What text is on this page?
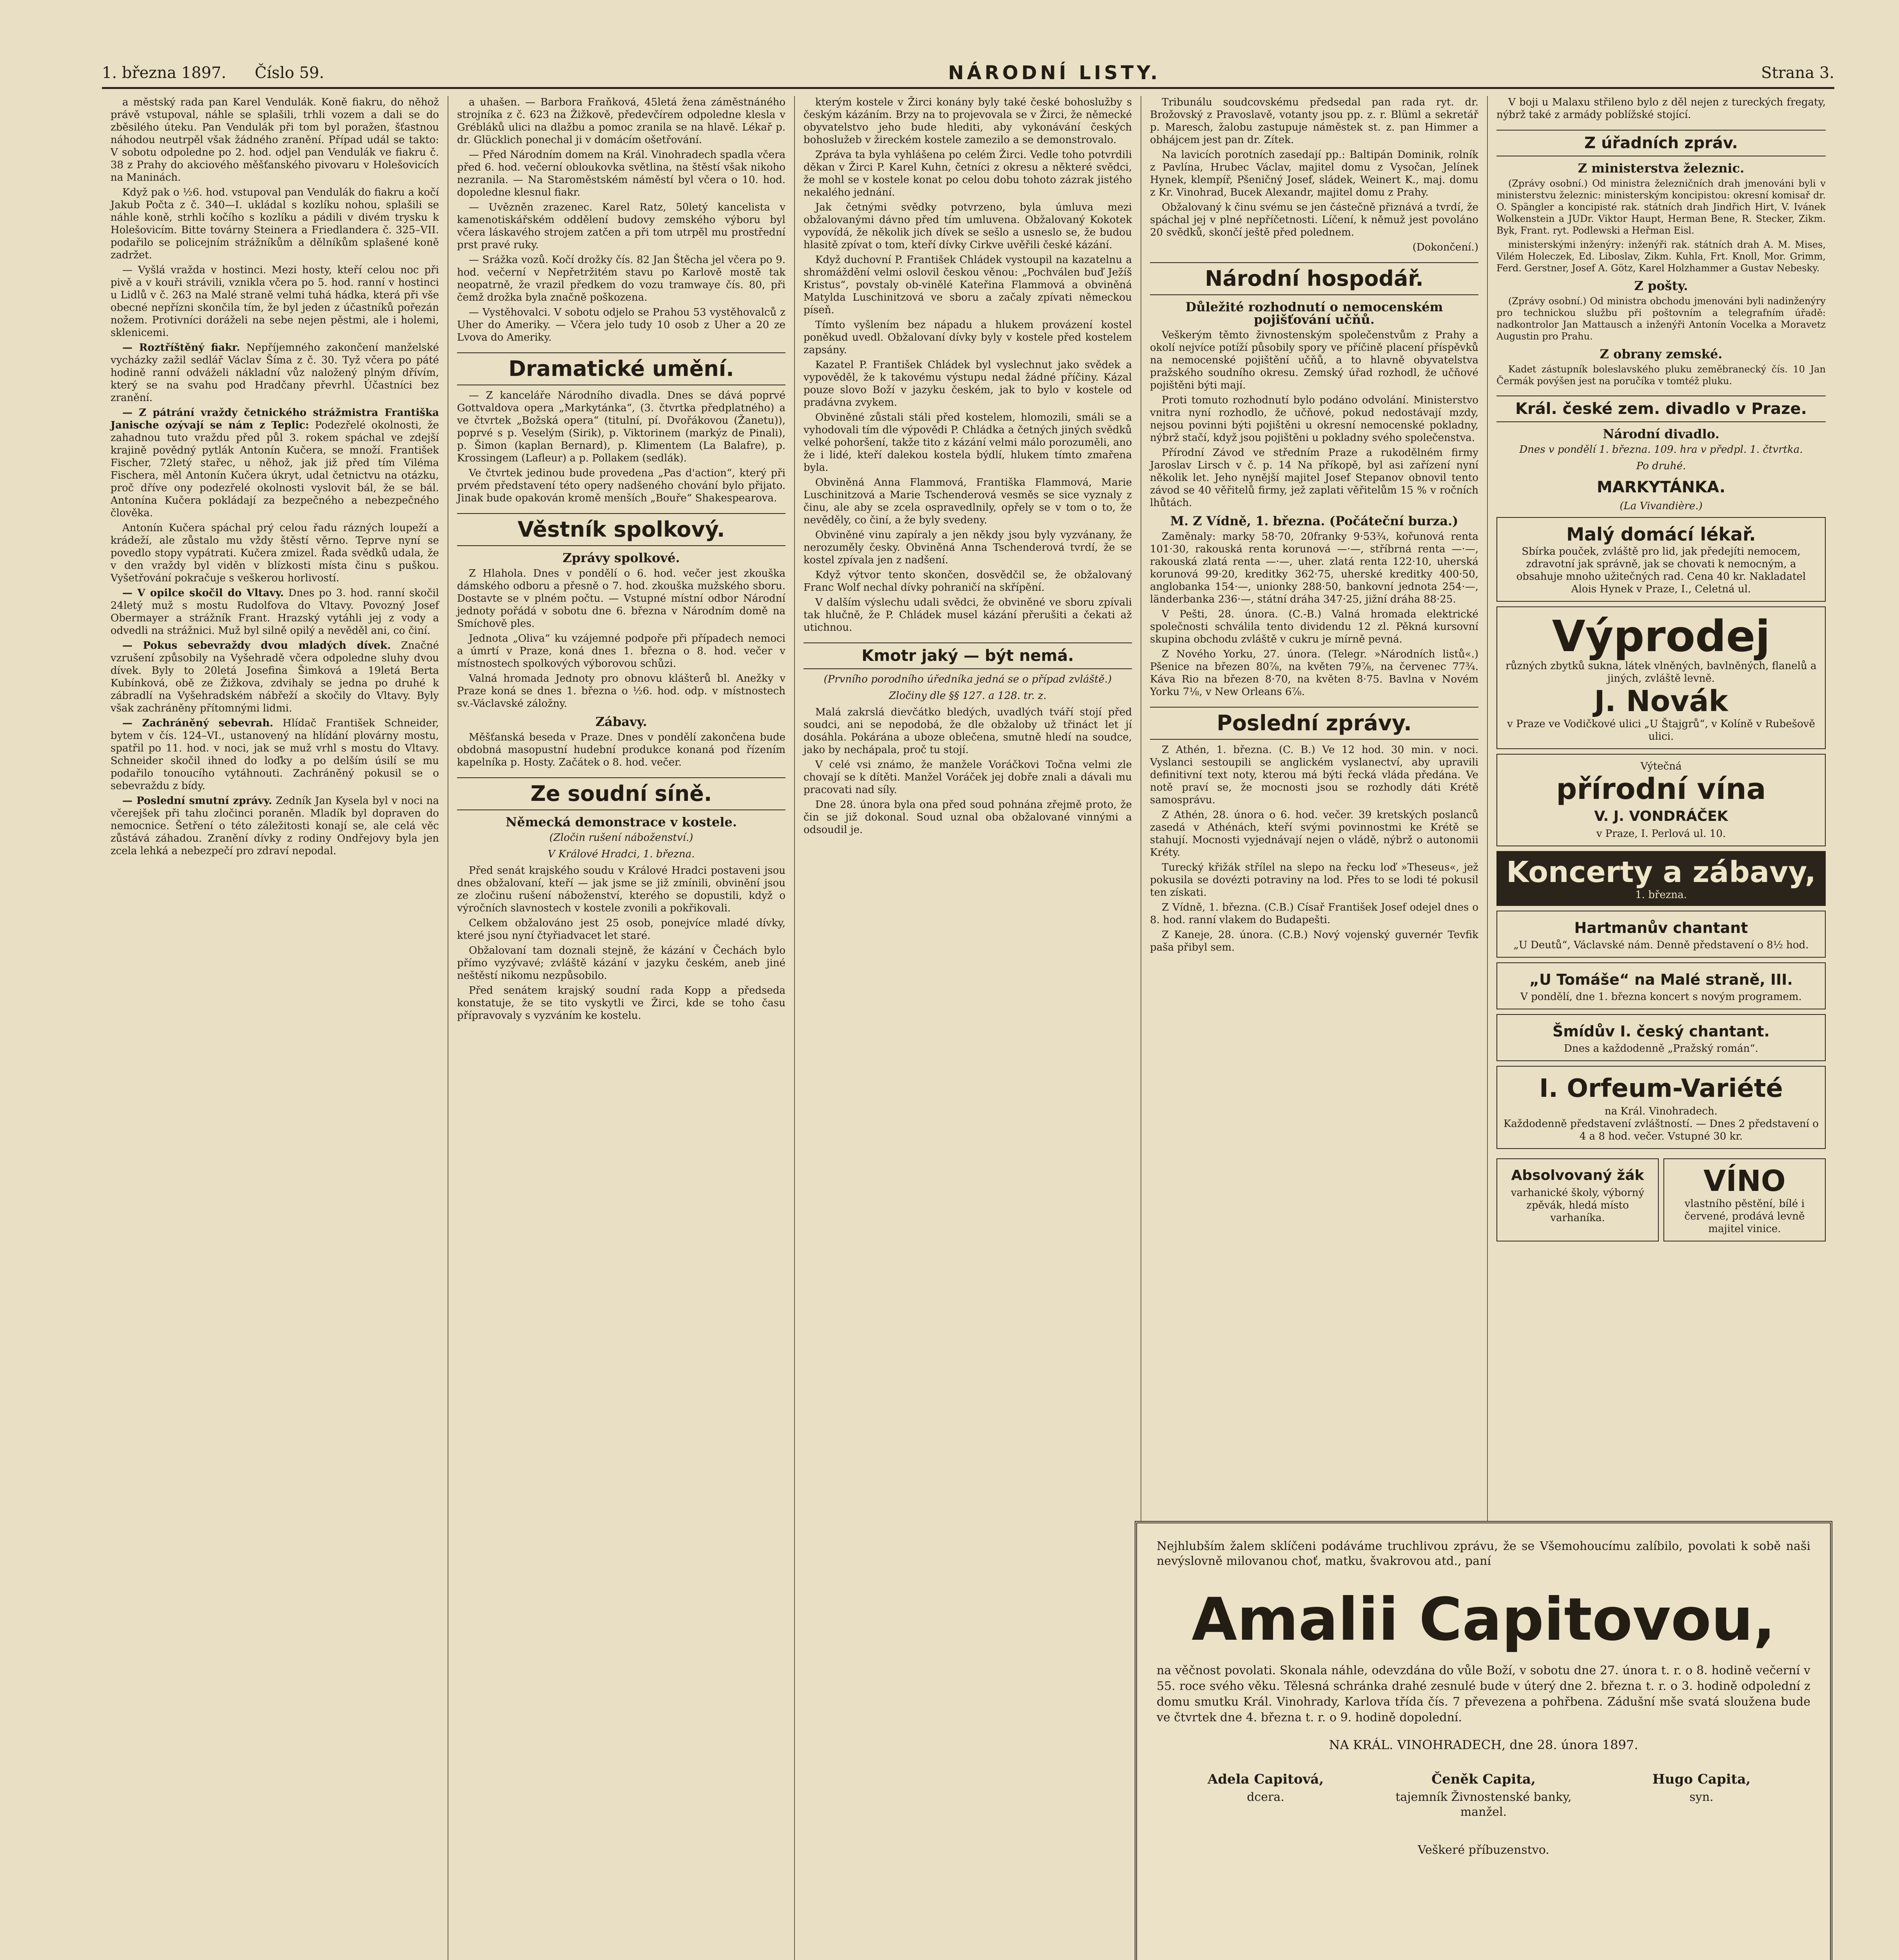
1. března 1897. Číslo 59.	NÁRODNÍ LISTY.	Strana 3.

a městský rada pan Karel Vendulák. Koně fiakru, do něhož právě vstupoval, náhle se splašili, trhli vozem a dali se do zběsilého úteku. Pan Vendulák při tom byl poražen, šťastnou náhodou neutrpěl však žádného zranění. Případ udál se takto: V sobotu odpoledne po 2. hod. odjel pan Vendulák ve fiakru č. 38 z Prahy do akciového měšťanského pivovaru v Holešovicích na Maninách.

Když pak o ½6. hod. vstupoval pan Vendulák do fiakru a kočí Jakub Počta z č. 340—I. ukládal s kozlíku nohou, splašili se náhle koně, strhli kočího s kozlíku a pádili v divém trysku k Holešovicím. Bitte továrny Steinera a Friedlandera č. 325–VII. podařilo se policejním strážníkům a dělníkům splašené koně zadržet.

— Vyšlá vražda v hostinci. Mezi hosty, kteří celou noc při pivě a v kouři strávili, vznikla včera po 5. hod. ranní v hostinci u Lidlů v č. 263 na Malé straně velmi tuhá hádka, která při vše obecné nepřízni skončila tím, že byl jeden z účastníků pořezán nožem. Protivníci doráželi na sebe nejen pěstmi, ale i holemi, sklenicemi.

— Roztříštěný fiakr. Nepříjemného zakončení manželské vycházky zažil sedlář Václav Šíma z č. 30. Tyž včera po páté hodině ranní odváželi nákladní vůz naložený plným dřívím, který se na svahu pod Hradčany převrhl. Účastníci bez zranění.

— Z pátrání vraždy četnického strážmistra Františka Janische ozývají se nám z Teplic: Podezřelé okolnosti, že zahadnou tuto vraždu před půl 3. rokem spáchal ve zdejší krajině povědný pytlák Antonín Kučera, se množí. František Fischer, 72letý stařec, u něhož, jak již před tím Viléma Fischera, měl Antonín Kučera úkryt, udal četnictvu na otázku, proč dříve ony podezřelé okolnosti vyslovit bál, že se bál. Antonína Kučera pokládají za bezpečného a nebezpečného člověka.

Antonín Kučera spáchal prý celou řadu rázných loupeží a krádeží, ale zůstalo mu vždy štěstí věrno. Teprve nyní se povedlo stopy vypátrati. Kučera zmizel. Řada svědků udala, že v den vraždy byl viděn v blízkosti místa činu s puškou. Vyšetřování pokračuje s veškerou horlivostí.

— V opilce skočil do Vltavy. Dnes po 3. hod. ranní skočil 24letý muž s mostu Rudolfova do Vltavy. Povozný Josef Obermayer a strážník Frant. Hrazský vytáhli jej z vody a odvedli na strážnici. Muž byl silně opilý a nevěděl ani, co činí.

— Pokus sebevraždy dvou mladých dívek. Značné vzrušení způsobily na Vyšehradě včera odpoledne sluhy dvou dívek. Byly to 20letá Josefina Šimková a 19letá Berta Kubínková, obě ze Žižkova, zdvihaly se jedna po druhé k zábradlí na Vyšehradském nábřeží a skočily do Vltavy. Byly však zachráněny přítomnými lidmi.

— Zachráněný sebevrah. Hlídač František Schneider, bytem v čís. 124–VI., ustanovený na hlídání plovárny mostu, spatřil po 11. hod. v noci, jak se muž vrhl s mostu do Vltavy. Schneider skočil ihned do loďky a po delším úsilí se mu podařilo tonoucího vytáhnouti. Zachráněný pokusil se o sebevraždu z bídy.

— Poslední smutní zprávy. Zedník Jan Kysela byl v noci na včerejšek při tahu zločinci poraněn. Mladík byl dopraven do nemocnice. Šetření o této záležitosti konají se, ale celá věc zůstává záhadou. Zranění dívky z rodiny Ondřejovy byla jen zcela lehká a nebezpečí pro zdraví nepodal.

a uhašen. — Barbora Fraňková, 45letá žena záměstnáného strojníka z č. 623 na Žižkově, předevčírem odpoledne klesla v Grébláků ulici na dlažbu a pomoc zranila se na hlavě. Lékař p. dr. Glücklich ponechal ji v domácím ošetřování.

— Před Národním domem na Král. Vinohradech spadla včera před 6. hod. večerní obloukovka světlina, na štěstí však nikoho nezranila. — Na Staroměstském náměstí byl včera o 10. hod. dopoledne klesnul fiakr.

— Uvězněn zrazenec. Karel Ratz, 50letý kancelista v kamenotiskářském oddělení budovy zemského výboru byl včera láskavého strojem zatčen a při tom utrpěl mu prostřední prst pravé ruky.

— Srážka vozů. Kočí drožky čís. 82 Jan Štěcha jel včera po 9. hod. večerní v Nepřetržitém stavu po Karlově mostě tak neopatrně, že vrazil předkem do vozu tramwaye čís. 80, při čemž drožka byla značně poškozena.

— Vystěhovalci. V sobotu odjelo se Prahou 53 vystěhovalců z Uher do Ameriky. — Včera jelo tudy 10 osob z Uher a 20 ze Lvova do Ameriky.

Dramatické umění.

— Z kanceláře Národního divadla. Dnes se dává poprvé Gottvaldova opera „Markytánka“, (3. čtvrtka předplatného) a ve čtvrtek „Božská opera“ (titulní, pí. Dvořákovou (Žanetu)), poprvé s p. Veselým (Sirik), p. Viktorinem (markýz de Pinali), p. Šimon (kaplan Bernard), p. Klimentem (La Balafre), p. Krossingem (Lafleur) a p. Pollakem (sedlák).

Ve čtvrtek jedinou bude provedena „Pas d'action“, který při prvém představení této opery nadšeného chování bylo přijato. Jinak bude opakován kromě menších „Bouře“ Shakespearova.

Věstník spolkový.
Zprávy spolkové.

Z Hlahola. Dnes v pondělí o 6. hod. večer jest zkouška dámského odboru a přesně o 7. hod. zkouška mužského sboru. Dostavte se v plném počtu. — Vstupné místní odbor Národní jednoty pořádá v sobotu dne 6. března v Národním domě na Smíchově ples.

Jednota „Oliva“ ku vzájemné podpoře při případech nemoci a úmrtí v Praze, koná dnes 1. března o 8. hod. večer v místnostech spolkových výborovou schůzi.

Valná hromada Jednoty pro obnovu klášterů bl. Anežky v Praze koná se dnes 1. března o ½6. hod. odp. v místnostech sv.-Václavské záložny.

Zábavy.

Měšťanská beseda v Praze. Dnes v pondělí zakončena bude obdobná masopustní hudební produkce konaná pod řízením kapelníka p. Hosty. Začátek o 8. hod. večer.

Ze soudní síně.
Německá demonstrace v kostele.
(Zločin rušení náboženství.)
V Králové Hradci, 1. března.

Před senát krajského soudu v Králové Hradci postaveni jsou dnes obžalovaní, kteří — jak jsme se již zmínili, obvinění jsou ze zločinu rušení náboženství, kterého se dopustili, když o výročních slavnostech v kostele zvonili a pokřikovali.

Celkem obžalováno jest 25 osob, ponejvíce mladé dívky, které jsou nyní čtyřiadvacet let staré.

Obžalovaní tam doznali stejně, že kázání v Čechách bylo přímo vyzývavé; zvláště kázání v jazyku českém, aneb jiné neštěstí nikomu nezpůsobilo.

Před senátem krajský soudní rada Kopp a předseda konstatuje, že se tito vyskytli ve Žirci, kde se toho času přípravovaly s vyzváním ke kostelu.

kterým kostele v Žirci konány byly také české bohoslužby s českým kázáním. Brzy na to projevovala se v Žirci, že německé obyvatelstvo jeho bude hlediti, aby vykonávání českých bohoslužeb v žireckém kostele zamezilo a se demonstrovalo.

Zpráva ta byla vyhlášena po celém Žirci. Vedle toho potvrdili děkan v Žirci P. Karel Kuhn, četníci z okresu a některé svědci, že mohl se v kostele konat po celou dobu tohoto zázrak jistého nekalého jednání.

Jak četnými svědky potvrzeno, byla úmluva mezi obžalovanými dávno před tím umluvena. Obžalovaný Kokotek vypovídá, že několik jich dívek se sešlo a usneslo se, že budou hlasitě zpívat o tom, kteří dívky Cirkve uvěřili české kázání.

Když duchovní P. František Chládek vystoupil na kazatelnu a shromáždění velmi oslovil českou věnou: „Pochválen buď Ježíš Kristus“, povstaly ob-vinělé Kateřina Flammová a obviněná Matylda Luschinitzová ve sboru a začaly zpívati německou píseň.

Tímto vyšlením bez nápadu a hlukem provázení kostel poněkud uvedl. Obžalovaní dívky byly v kostele před kostelem zapsány.

Kazatel P. František Chládek byl vyslechnut jako svědek a vypověděl, že k takovému výstupu nedal žádné příčiny. Kázal pouze slovo Boží v jazyku českém, jak to bylo v kostele od pradávna zvykem.

Obviněné zůstali stáli před kostelem, hlomozili, smáli se a vyhodovali tím dle výpovědi P. Chládka a četných jiných svědků velké pohoršení, takže tito z kázání velmi málo porozuměli, ano že i lidé, kteří dalekou kostela býdlí, hlukem tímto zmařena byla.

Obviněná Anna Flammová, Františka Flammová, Marie Luschinitzová a Marie Tschenderová vesměs se sice vyznaly z činu, ale aby se zcela ospravedlnily, opřely se v tom o to, že nevěděly, co činí, a že byly svedeny.

Obviněné vinu zapíraly a jen někdy jsou byly vyzvánany, že nerozuměly česky. Obviněná Anna Tschenderová tvrdí, že se kostel zpívala jen z nadšení.

Když výtvor tento skončen, dosvědčil se, že obžalovaný Franc Wolf nechal dívky pohraničí na skřípění.

V dalším výslechu udali svědci, že obviněné ve sboru zpívali tak hlučně, že P. Chládek musel kázání přerušiti a čekati až utichnou.

Kmotr jaký — být nemá.
(Prvního porodního úředníka jedná se o případ zvláště.)
Zločiny dle §§ 127. a 128. tr. z.

Malá zakrslá dievčátko bledých, uvadlých tváří stojí před soudci, ani se nepodobá, že dle obžaloby už třináct let jí dosáhla. Pokárána a uboze oblečena, smutně hledí na soudce, jako by nechápala, proč tu stojí.

V celé vsi známo, že manžele Voráčkovi Točna velmi zle chovají se k dítěti. Manžel Voráček jej dobře znali a dávali mu pracovati nad síly.

Dne 28. února byla ona před soud pohnána zřejmě proto, že čin se již dokonal. Soud uznal oba obžalované vinnými a odsoudil je.

Tribunálu soudcovskému předsedal pan rada ryt. dr. Brožovský z Pravoslavě, votanty jsou pp. z. r. Blüml a sekretář p. Maresch, žalobu zastupuje náměstek st. z. pan Himmer a obhájcem jest pan dr. Zítek.

Na lavicích porotních zasedají pp.: Baltipán Dominik, rolník z Pavlína, Hrubec Václav, majitel domu z Vysočan, Jelínek Hynek, klempíř, Pšeničný Josef, sládek, Weinert K., maj. domu z Kr. Vinohrad, Bucek Alexandr, majitel domu z Prahy.

Obžalovaný k činu svému se jen částečně přiznává a tvrdí, že spáchal jej v plné nepříčetnosti. Líčení, k němuž jest povoláno 20 svědků, skončí ještě před polednem.

(Dokončení.)

Národní hospodář.
Důležité rozhodnutí o nemocenském pojišťování učňů.

Veškerým těmto živnostenským společenstvům z Prahy a okolí nejvíce potíží působily spory ve příčině placení příspěvků na nemocenské pojištění učňů, a to hlavně obyvatelstva pražského soudního okresu. Zemský úřad rozhodl, že učňové pojištěni býti mají.

Proti tomuto rozhodnutí bylo podáno odvolání. Ministerstvo vnitra nyní rozhodlo, že učňové, pokud nedostávají mzdy, nejsou povinni býti pojištěni u okresní nemocenské pokladny, nýbrž stačí, když jsou pojištěni u pokladny svého společenstva.

Přírodní Závod ve středním Praze a rukodělném firmy Jaroslav Lirsch v č. p. 14 Na příkopě, byl asi zařízení nyní několik let. Jeho nynější majitel Josef Stepanov obnovil tento závod se 40 věřitelů firmy, jež zaplati věřitelům 15 % v ročních lhůtách.

M. Z Vídně, 1. března. (Počáteční burza.)

Zaměnaly: marky 58·70, 20franky 9·53¾, kořunová renta 101·30, rakouská renta korunová —·—, stříbrná renta —·—, rakouská zlatá renta —·—, uher. zlatá renta 122·10, uherská korunová 99·20, kreditky 362·75, uherské kreditky 400·50, anglobanka 154·—, unionky 288·50, bankovní jednota 254·—, länderbanka 236·—, státní dráha 347·25, jižní dráha 88·25.

V Pešti, 28. února. (C.-B.) Valná hromada elektrické společnosti schválila tento dividendu 12 zl. Pěkná kursovní skupina obchodu zvláště v cukru je mírně pevná.

Z Nového Yorku, 27. února. (Telegr. »Národních listů«.) Pšenice na březen 80⅞, na květen 79⅞, na červenec 77¾. Káva Rio na březen 8·70, na květen 8·75. Bavlna v Novém Yorku 7⅛, v New Orleans 6⅞.

Poslední zprávy.

Z Athén, 1. března. (C. B.) Ve 12 hod. 30 min. v noci. Vyslanci sestoupili se anglickém vyslanectví, aby upravili definitivní text noty, kterou má býti řecká vláda předána. Ve notě praví se, že mocnosti jsou se rozhodly dáti Krétě samosprávu.

Z Athén, 28. února o 6. hod. večer. 39 kretských poslanců zasedá v Athénách, kteří svými povinnostmi ke Krétě se stahují. Mocnosti vyjednávají nejen o vládě, nýbrž o autonomii Kréty.

Turecký křižák střílel na slepo na řecku loď »Theseus«, jež pokusila se dovézti potraviny na lod. Přes to se lodi té pokusil ten získati.

Z Vídně, 1. března. (C.B.) Císař František Josef odejel dnes o 8. hod. ranní vlakem do Budapešti.

Z Kaneje, 28. února. (C.B.) Nový vojenský guvernér Tevfik paša přibyl sem.

V boji u Malaxu střileno bylo z děl nejen z tureckých fregaty, nýbrž také z armády poblížské stojící.

Z úřadních zpráv.
Z ministerstva železnic.

(Zprávy osobní.) Od ministra železničních drah jmenováni byli v ministerstvu železnic: ministerským koncipistou: okresní komisař dr. O. Spängler a koncipisté rak. státních drah Jindřich Hirt, V. Ivánek Wolkenstein a JUDr. Viktor Haupt, Herman Bene, R. Stecker, Zikm. Byk, Frant. ryt. Podlewski a Heřman Eisl.

ministerskými inženýry: inženýři rak. státních drah A. M. Mises, Vilém Holeczek, Ed. Liboslav, Zikm. Kuhla, Frt. Knoll, Mor. Grimm, Ferd. Gerstner, Josef A. Götz, Karel Holzhammer a Gustav Nebesky.

Z pošty.

(Zprávy osobní.) Od ministra obchodu jmenováni byli nadinženýry pro technickou službu při poštovním a telegrafním úřadě: nadkontrolor Jan Mattausch a inženýři Antonín Vocelka a Moravetz Augustin pro Prahu.

Z obrany zemské.

Kadet zástupník boleslavského pluku zeměbranecký čís. 10 Jan Čermák povýšen jest na poručíka v tomtéž pluku.

Král. české zem. divadlo v Praze.
Národní divadlo.
Dnes v pondělí 1. března. 109. hra v předpl. 1. čtvrtka.
Po druhé.
MARKYTÁNKA.
(La Vivandière.)
Malý domácí lékař.
Sbírka pouček, zvláště pro lid, jak předejíti nemocem, zdravotní jak správně, jak se chovati k nemocným, a obsahuje mnoho užitečných rad. Cena 40 kr. Nakladatel Alois Hynek v Praze, I., Celetná ul.
Výprodej
různých zbytků sukna, látek vlněných, bavlněných, flanelů a jiných, zvláště levně.
J. Novák
v Praze ve Vodičkové ulici „U Štajgrů“, v Kolíně v Rubešově ulici.
Výtečná
přírodní vína
V. J. VONDRÁČEK
v Praze, I. Perlová ul. 10.
Koncerty a zábavy,
1. března.
Hartmanův chantant
„U Deutů“, Václavské nám. Denně představení o 8½ hod.
„U Tomáše“ na Malé straně, III.
V pondělí, dne 1. března koncert s novým programem.
Šmídův I. český chantant.
Dnes a každodenně „Pražský román“.
I. Orfeum-Variété
na Král. Vinohradech.
Každodenně představení zvláštností. — Dnes 2 představení o 4 a 8 hod. večer. Vstupné 30 kr.
Absolvovaný žák
varhanické školy, výborný zpěvák, hledá místo varhaníka.
VÍNO
vlastního pěstění, bílé i červené, prodává levně majitel vinice.
Nejhlubším žalem sklíčeni podáváme truchlivou zprávu, že se Všemohoucímu zalíbilo, povolati k sobě naši nevýslovně milovanou choť, matku, švakrovou atd., paní
Amalii Capitovou,
na věčnost povolati. Skonala náhle, odevzdána do vůle Boží, v sobotu dne 27. února t. r. o 8. hodině večerní v 55. roce svého věku. Tělesná schránka drahé zesnulé bude v úterý dne 2. března t. r. o 3. hodině odpolední z domu smutku Král. Vinohrady, Karlova třída čís. 7 převezena a pohřbena. Zádušní mše svatá sloužena bude ve čtvrtek dne 4. března t. r. o 9. hodině dopolední.
NA KRÁL. VINOHRADECH, dne 28. února 1897.
Adela Capitová,
dcera.
Čeněk Capita,
tajemník Živnostenské banky, manžel.
Hugo Capita,
syn.
Veškeré příbuzenstvo.
